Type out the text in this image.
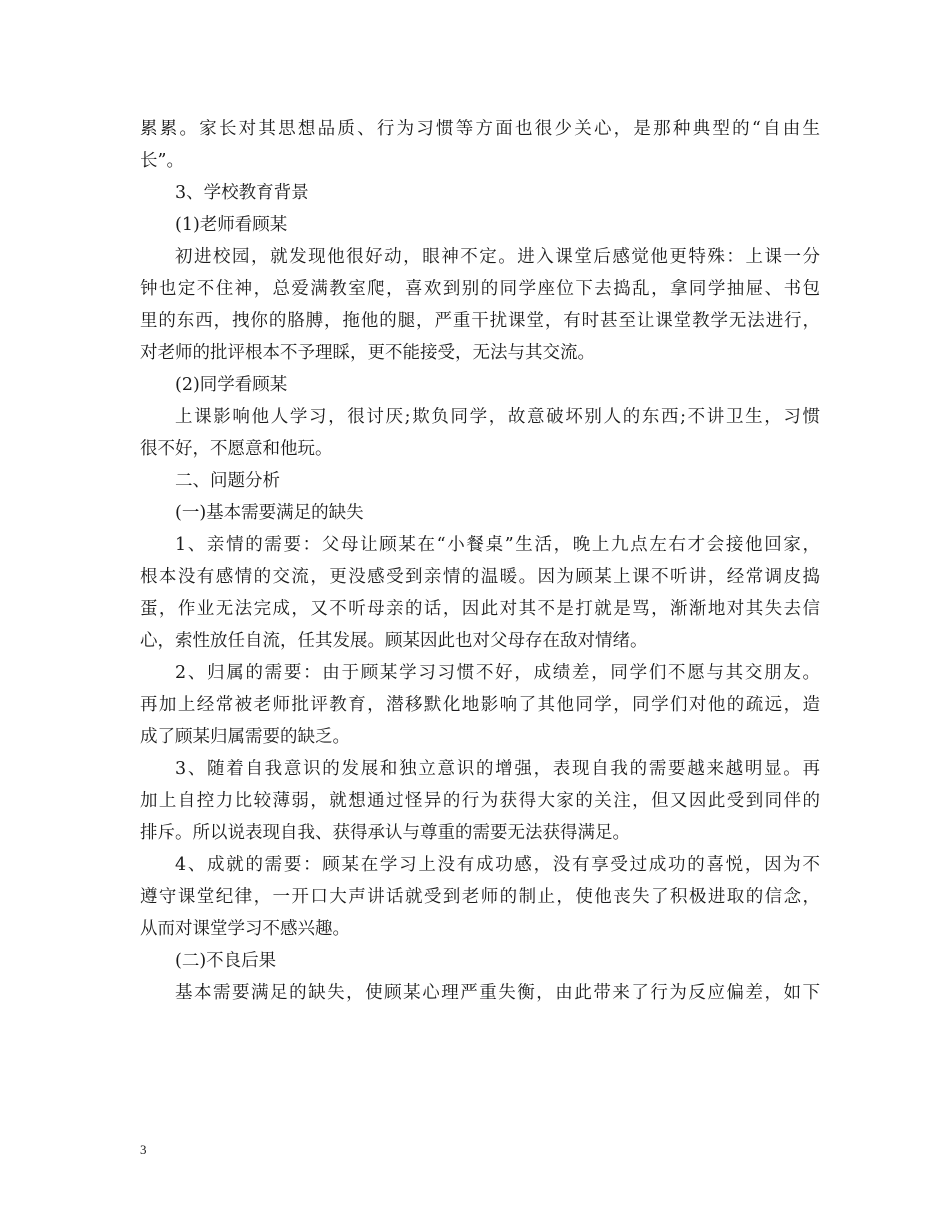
累累。家长对其思想品质、行为习惯等方面也很少关心，是那种典型的“自由生
长”。
3、学校教育背景
(1)老师看顾某
初进校园，就发现他很好动，眼神不定。进入课堂后感觉他更特殊：上课一分
钟也定不住神，总爱满教室爬，喜欢到别的同学座位下去捣乱，拿同学抽屉、书包
里的东西，拽你的胳膊，拖他的腿，严重干扰课堂，有时甚至让课堂教学无法进行，
对老师的批评根本不予理睬，更不能接受，无法与其交流。
(2)同学看顾某
上课影响他人学习，很讨厌;欺负同学，故意破坏别人的东西;不讲卫生，习惯
很不好，不愿意和他玩。
二、问题分析
(一)基本需要满足的缺失
1、亲情的需要：父母让顾某在“小餐桌”生活，晚上九点左右才会接他回家，
根本没有感情的交流，更没感受到亲情的温暖。因为顾某上课不听讲，经常调皮捣
蛋，作业无法完成，又不听母亲的话，因此对其不是打就是骂，渐渐地对其失去信
心，索性放任自流，任其发展。顾某因此也对父母存在敌对情绪。
2、归属的需要：由于顾某学习习惯不好，成绩差，同学们不愿与其交朋友。
再加上经常被老师批评教育，潜移默化地影响了其他同学，同学们对他的疏远，造
成了顾某归属需要的缺乏。
3、随着自我意识的发展和独立意识的增强，表现自我的需要越来越明显。再
加上自控力比较薄弱，就想通过怪异的行为获得大家的关注，但又因此受到同伴的
排斥。所以说表现自我、获得承认与尊重的需要无法获得满足。
4、成就的需要：顾某在学习上没有成功感，没有享受过成功的喜悦，因为不
遵守课堂纪律，一开口大声讲话就受到老师的制止，使他丧失了积极进取的信念，
从而对课堂学习不感兴趣。
(二)不良后果
基本需要满足的缺失，使顾某心理严重失衡，由此带来了行为反应偏差，如下
3
